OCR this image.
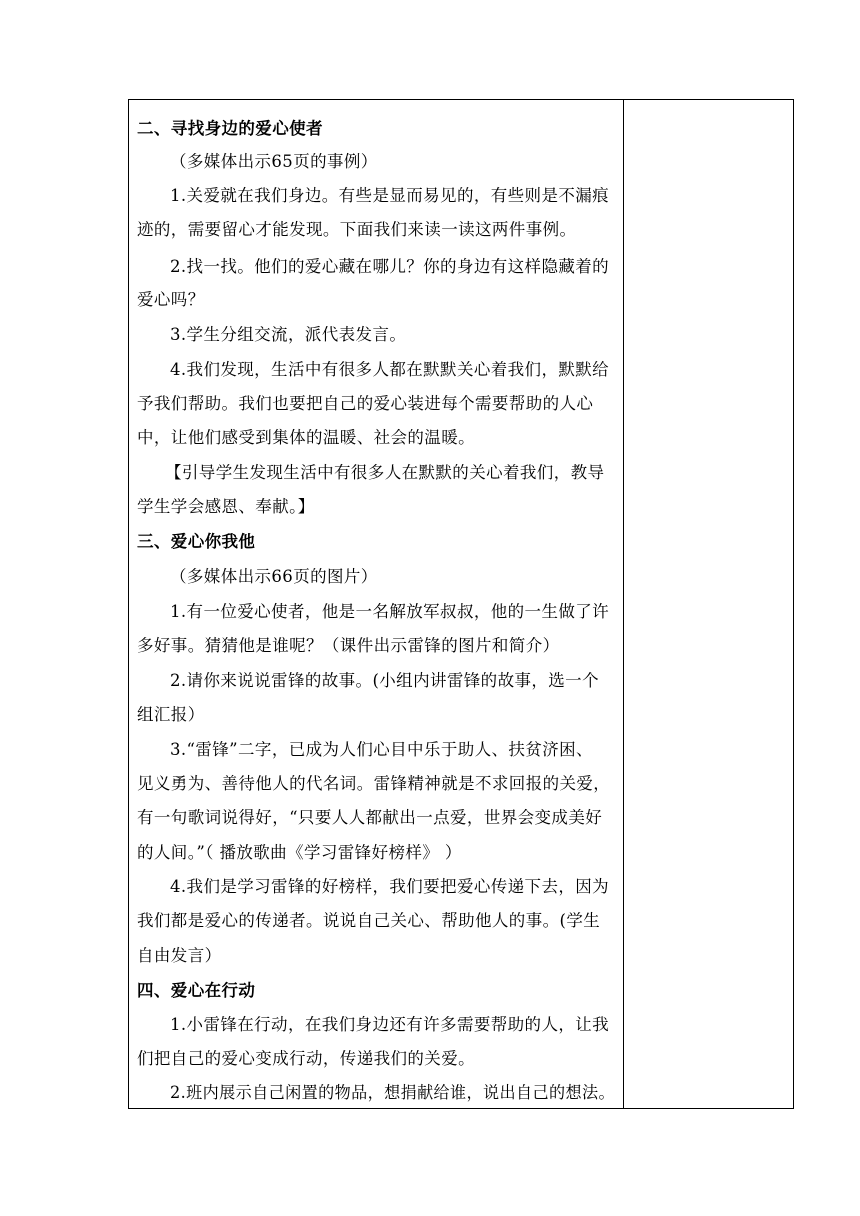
二、寻找身边的爱心使者
（多媒体出示65页的事例）
1.关爱就在我们身边。有些是显而易见的，有些则是不漏痕
迹的，需要留心才能发现。下面我们来读一读这两件事例。
2.找一找。他们的爱心藏在哪儿？你的身边有这样隐藏着的
爱心吗？
3.学生分组交流，派代表发言。
4.我们发现，生活中有很多人都在默默关心着我们，默默给
予我们帮助。我们也要把自己的爱心装进每个需要帮助的人心
中，让他们感受到集体的温暖、社会的温暖。
【引导学生发现生活中有很多人在默默的关心着我们，教导
学生学会感恩、奉献。】
三、爱心你我他
（多媒体出示66页的图片）
1.有一位爱心使者，他是一名解放军叔叔，他的一生做了许
多好事。猜猜他是谁呢？（课件出示雷锋的图片和简介）
2.请你来说说雷锋的故事。(小组内讲雷锋的故事，选一个
组汇报）
3.“雷锋”二字，已成为人们心目中乐于助人、扶贫济困、
见义勇为、善待他人的代名词。雷锋精神就是不求回报的关爱，
有一句歌词说得好，“只要人人都献出一点爱，世界会变成美好
的人间。”（ 播放歌曲《学习雷锋好榜样》 ）
4.我们是学习雷锋的好榜样，我们要把爱心传递下去，因为
我们都是爱心的传递者。说说自己关心、帮助他人的事。(学生
自由发言）
四、爱心在行动
1.小雷锋在行动，在我们身边还有许多需要帮助的人，让我
们把自己的爱心变成行动，传递我们的关爱。
2.班内展示自己闲置的物品，想捐献给谁，说出自己的想法。
